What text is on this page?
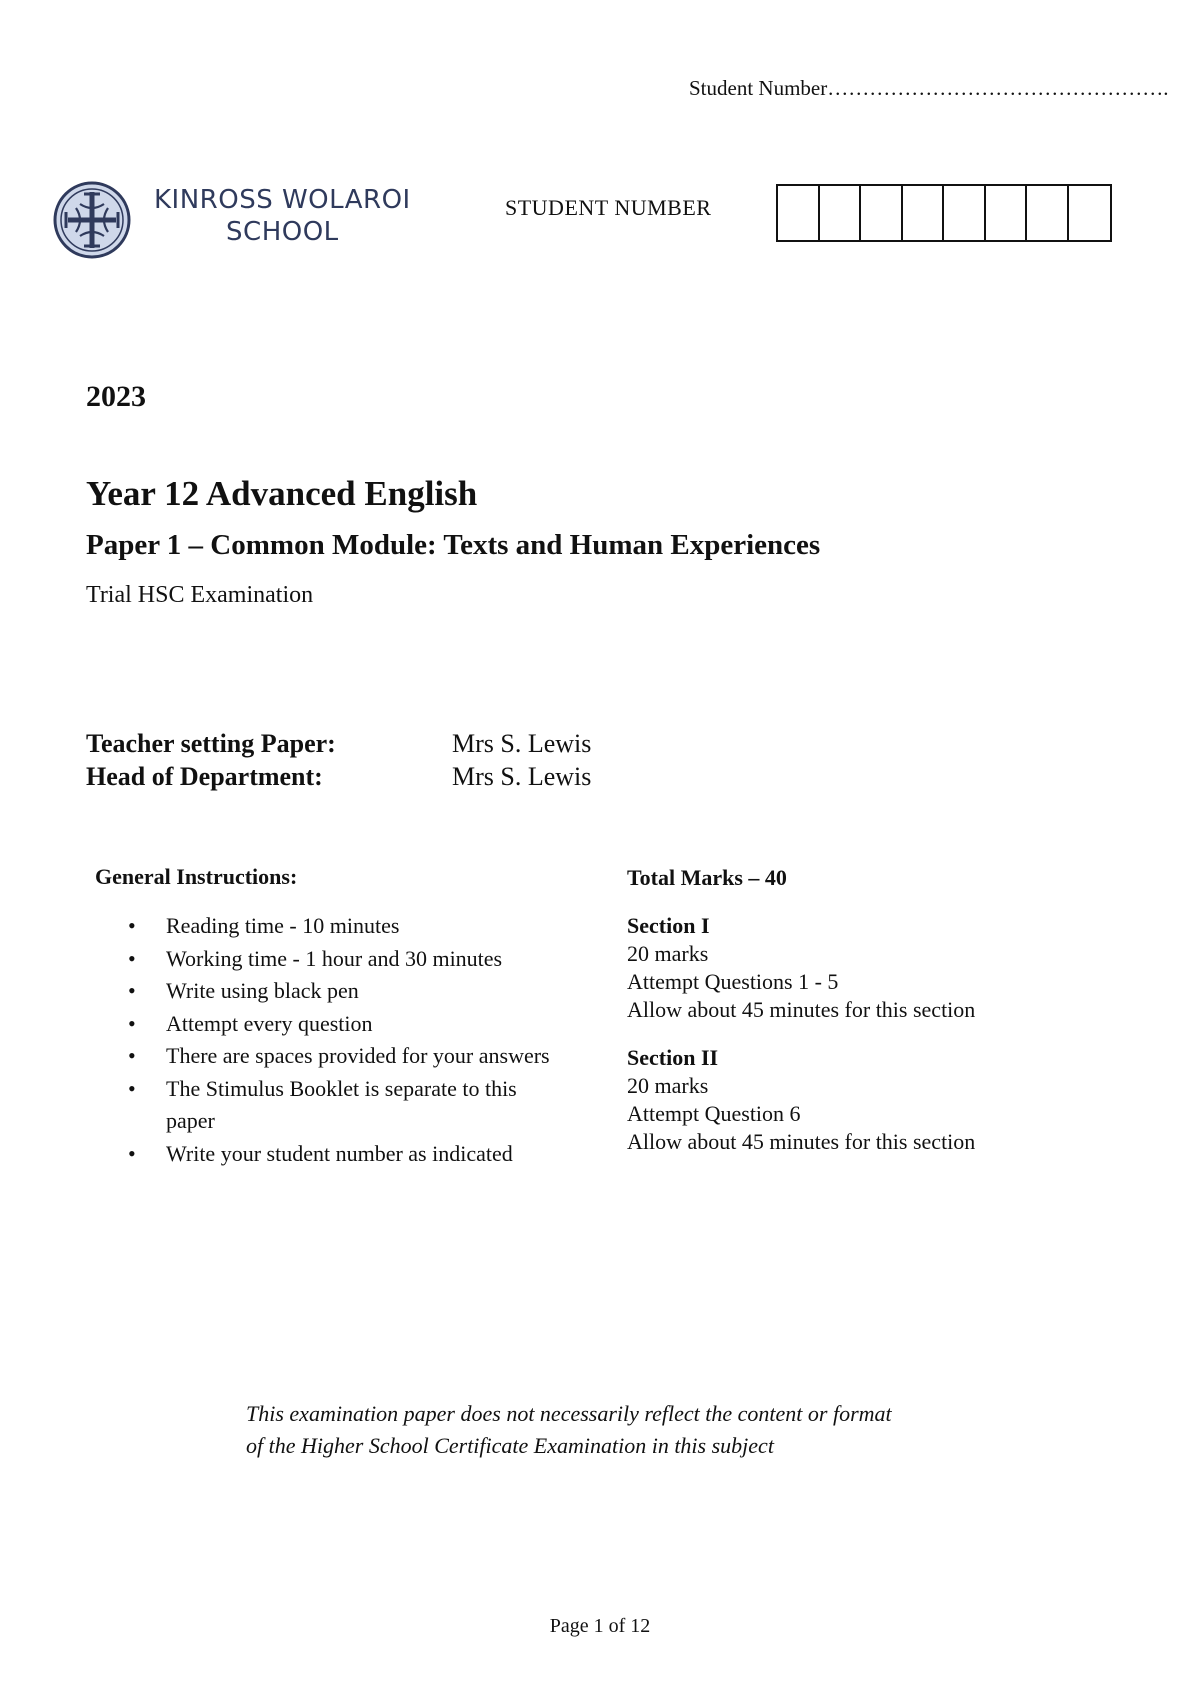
Student Number………………………………………….
KINROSS WOLAROI
SCHOOL
STUDENT NUMBER
2023
Year 12 Advanced English
Paper 1 – Common Module: Texts and Human Experiences
Trial HSC Examination
Teacher setting Paper:	Mrs S. Lewis
Head of Department:	Mrs S. Lewis
General Instructions:
• Reading time - 10 minutes
• Working time - 1 hour and 30 minutes
• Write using black pen
• Attempt every question
• There are spaces provided for your answers
• The Stimulus Booklet is separate to this paper
• Write your student number as indicated
Total Marks – 40
Section I
20 marks
Attempt Questions 1 - 5
Allow about 45 minutes for this section
Section II
20 marks
Attempt Question 6
Allow about 45 minutes for this section
This examination paper does not necessarily reflect the content or format
of the Higher School Certificate Examination in this subject
Page 1 of 12
